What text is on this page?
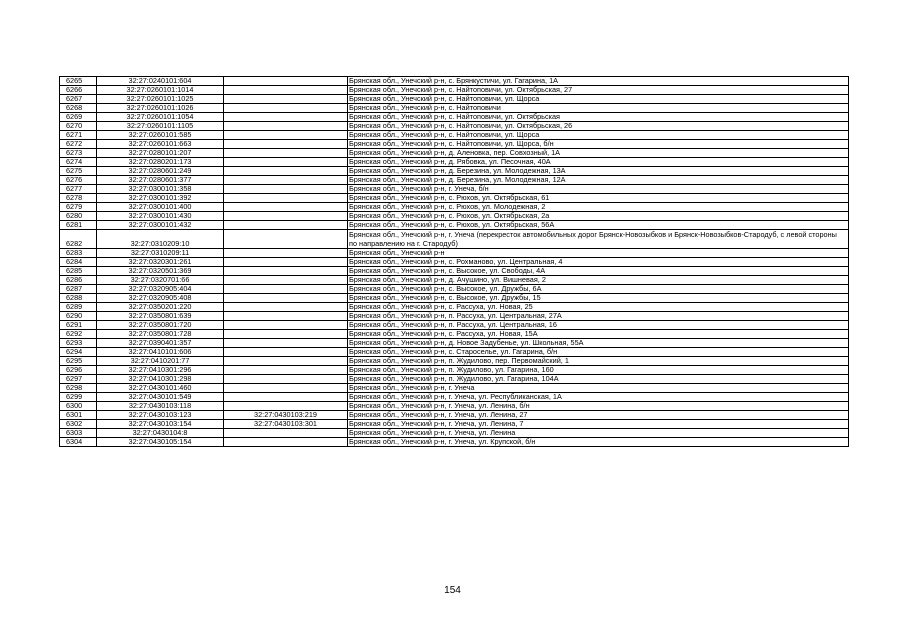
6265	32:27:0240101:604		Брянская обл., Унечский р-н, с. Брянкустичи, ул. Гагарина, 1А
6266	32:27:0260101:1014		Брянская обл., Унечский р-н, с. Найтоповичи, ул. Октябрьская, 27
6267	32:27:0260101:1025		Брянская обл., Унечский р-н, с. Найтоповичи, ул. Щорса
6268	32:27:0260101:1026		Брянская обл., Унечский р-н, с. Найтоповичи
6269	32:27:0260101:1054		Брянская обл., Унечский р-н, с. Найтоповичи, ул. Октябрьская
6270	32:27:0260101:1105		Брянская обл., Унечский р-н, с. Найтоповичи, ул. Октябрьская, 26
6271	32:27:0260101:585		Брянская обл., Унечский р-н, с. Найтоповичи, ул. Щорса
6272	32:27:0260101:663		Брянская обл., Унечский р-н, с. Найтоповичи, ул. Щорса, б/н
6273	32:27:0280101:207		Брянская обл., Унечский р-н, д. Аленовка, пер. Совхозный, 1А
6274	32:27:0280201:173		Брянская обл., Унечский р-н, д. Рябовка, ул. Песочная, 40А
6275	32:27:0280601:249		Брянская обл., Унечский р-н, д. Березина, ул. Молодежная, 13А
6276	32:27:0280601:377		Брянская обл., Унечский р-н, д. Березина, ул. Молодежная, 12А
6277	32:27:0300101:358		Брянская обл., Унечский р-н, г. Унеча, б/н
6278	32:27:0300101:392		Брянская обл., Унечский р-н, с. Рюхов, ул. Октябрьская, 61
6279	32:27:0300101:400		Брянская обл., Унечский р-н, с. Рюхов, ул. Молодежная, 2
6280	32:27:0300101:430		Брянская обл., Унечский р-н, с. Рюхов, ул. Октябрьская, 2а
6281	32:27:0300101:432		Брянская обл., Унечский р-н, с. Рюхов, ул. Октябрьская, 56А
6282	32:27:0310209:10		Брянская обл., Унечский р-н, г. Унеча (перекресток автомобильных дорог Брянск-Новозыбков и Брянск-Новозыбков-Стародуб, с левой стороны по направлению на г. Стародуб)
6283	32:27:0310209:11		Брянская обл., Унечский р-н
6284	32:27:0320301:261		Брянская обл., Унечский р-н, с. Рохманово, ул. Центральная, 4
6285	32:27:0320501:369		Брянская обл., Унечский р-н, с. Высокое, ул. Свободы, 4А
6286	32:27:0320701:66		Брянская обл., Унечский р-н, д. Ачушино, ул. Вишневая, 2
6287	32:27:0320905:404		Брянская обл., Унечский р-н, с. Высокое, ул. Дружбы, 6А
6288	32:27:0320905:408		Брянская обл., Унечский р-н, с. Высокое, ул. Дружбы, 15
6289	32:27:0350201:220		Брянская обл., Унечский р-н, с. Рассуха, ул. Новая, 25
6290	32:27:0350801:639		Брянская обл., Унечский р-н, п. Рассуха, ул. Центральная, 27А
6291	32:27:0350801:720		Брянская обл., Унечский р-н, п. Рассуха, ул. Центральная, 16
6292	32:27:0350801:728		Брянская обл., Унечский р-н, с. Рассуха, ул. Новая, 15А
6293	32:27:0390401:357		Брянская обл., Унечский р-н, д. Новое Задубенье, ул. Школьная, 55А
6294	32:27:0410101:606		Брянская обл., Унечский р-н, с. Староселье, ул. Гагарина, б/н
6295	32:27:0410201:77		Брянская обл., Унечский р-н, п. Жудилово, пер. Первомайский, 1
6296	32:27:0410301:296		Брянская обл., Унечский р-н, п. Жудилово, ул. Гагарина, 160
6297	32:27:0410301:298		Брянская обл., Унечский р-н, п. Жудилово, ул. Гагарина, 104А
6298	32:27:0430101:460		Брянская обл., Унечский р-н, г. Унеча
6299	32:27:0430101:549		Брянская обл., Унечский р-н, г. Унеча, ул. Республиканская, 1А
6300	32:27:0430103:118		Брянская обл., Унечский р-н, г. Унеча, ул. Ленина, б/н
6301	32:27:0430103:123	32:27:0430103:219	Брянская обл., Унечский р-н, г. Унеча, ул. Ленина, 27
6302	32:27:0430103:154	32:27:0430103:301	Брянская обл., Унечский р-н, г. Унеча, ул. Ленина, 7
6303	32:27:0430104:8		Брянская обл., Унечский р-н, г. Унеча, ул. Ленина
6304	32:27:0430105:154		Брянская обл., Унечский р-н, г. Унеча, ул. Крупской, б/н
154
